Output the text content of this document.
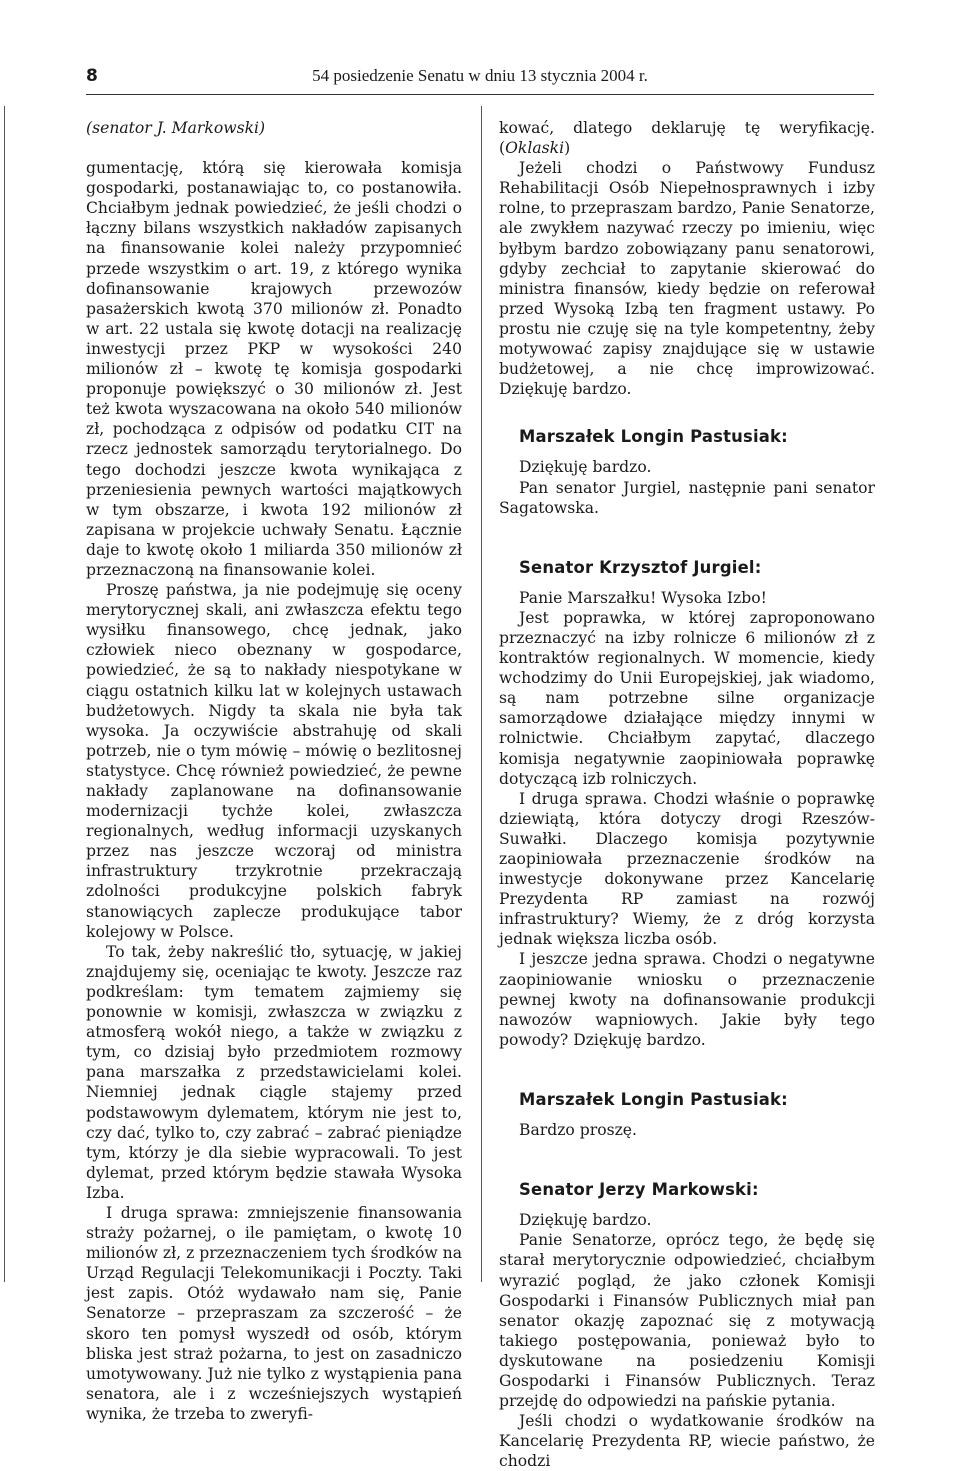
8	54 posiedzenie Senatu w dniu 13 stycznia 2004 r.

(senator J. Markowski)

gumentację, którą się kierowała komisja gospodarki, postanawiając to, co postanowiła. Chciałbym jednak powiedzieć, że jeśli chodzi o łączny bilans wszystkich nakładów zapisanych na finansowanie kolei należy przypomnieć przede wszystkim o art. 19, z którego wynika dofinansowanie krajowych przewozów pasażerskich kwotą 370 milionów zł. Ponadto w art. 22 ustala się kwotę dotacji na realizację inwestycji przez PKP w wysokości 240 milionów zł – kwotę tę komisja gospodarki proponuje powiększyć o 30 milionów zł. Jest też kwota wyszacowana na około 540 milionów zł, pochodząca z odpisów od podatku CIT na rzecz jednostek samorządu terytorialnego. Do tego dochodzi jeszcze kwota wynikająca z przeniesienia pewnych wartości majątkowych w tym obszarze, i kwota 192 milionów zł zapisana w projekcie uchwały Senatu. Łącznie daje to kwotę około 1 miliarda 350 milionów zł przeznaczoną na finansowanie kolei.

Proszę państwa, ja nie podejmuję się oceny merytorycznej skali, ani zwłaszcza efektu tego wysiłku finansowego, chcę jednak, jako człowiek nieco obeznany w gospodarce, powiedzieć, że są to nakłady niespotykane w ciągu ostatnich kilku lat w kolejnych ustawach budżetowych. Nigdy ta skala nie była tak wysoka. Ja oczywiście abstrahuję od skali potrzeb, nie o tym mówię – mówię o bezlitosnej statystyce. Chcę również powiedzieć, że pewne nakłady zaplanowane na dofinansowanie modernizacji tychże kolei, zwłaszcza regionalnych, według informacji uzyskanych przez nas jeszcze wczoraj od ministra infrastruktury trzykrotnie przekraczają zdolności produkcyjne polskich fabryk stanowiących zaplecze produkujące tabor kolejowy w Polsce.

To tak, żeby nakreślić tło, sytuację, w jakiej znajdujemy się, oceniając te kwoty. Jeszcze raz podkreślam: tym tematem zajmiemy się ponownie w komisji, zwłaszcza w związku z atmosferą wokół niego, a także w związku z tym, co dzisiaj było przedmiotem rozmowy pana marszałka z przedstawicielami kolei. Niemniej jednak ciągle stajemy przed podstawowym dylematem, którym nie jest to, czy dać, tylko to, czy zabrać – zabrać pieniądze tym, którzy je dla siebie wypracowali. To jest dylemat, przed którym będzie stawała Wysoka Izba.

I druga sprawa: zmniejszenie finansowania straży pożarnej, o ile pamiętam, o kwotę 10 milionów zł, z przeznaczeniem tych środków na Urząd Regulacji Telekomunikacji i Poczty. Taki jest zapis. Otóż wydawało nam się, Panie Senatorze – przepraszam za szczerość – że skoro ten pomysł wyszedł od osób, którym bliska jest straż pożarna, to jest on zasadniczo umotywowany. Już nie tylko z wystąpienia pana senatora, ale i z wcześniejszych wystąpień wynika, że trzeba to zweryfi-

kować, dlatego deklaruję tę weryfikację. (Oklaski)

Jeżeli chodzi o Państwowy Fundusz Rehabilitacji Osób Niepełnosprawnych i izby rolne, to przepraszam bardzo, Panie Senatorze, ale zwykłem nazywać rzeczy po imieniu, więc byłbym bardzo zobowiązany panu senatorowi, gdyby zechciał to zapytanie skierować do ministra finansów, kiedy będzie on referował przed Wysoką Izbą ten fragment ustawy. Po prostu nie czuję się na tyle kompetentny, żeby motywować zapisy znajdujące się w ustawie budżetowej, a nie chcę improwizować. Dziękuję bardzo.

Marszałek Longin Pastusiak:

Dziękuję bardzo.

Pan senator Jurgiel, następnie pani senator Sagatowska.

Senator Krzysztof Jurgiel:

Panie Marszałku! Wysoka Izbo!

Jest poprawka, w której zaproponowano przeznaczyć na izby rolnicze 6 milionów zł z kontraktów regionalnych. W momencie, kiedy wchodzimy do Unii Europejskiej, jak wiadomo, są nam potrzebne silne organizacje samorządowe działające między innymi w rolnictwie. Chciałbym zapytać, dlaczego komisja negatywnie zaopiniowała poprawkę dotyczącą izb rolniczych.

I druga sprawa. Chodzi właśnie o poprawkę dziewiątą, która dotyczy drogi Rzeszów-Suwałki. Dlaczego komisja pozytywnie zaopiniowała przeznaczenie środków na inwestycje dokonywane przez Kancelarię Prezydenta RP zamiast na rozwój infrastruktury? Wiemy, że z dróg korzysta jednak większa liczba osób.

I jeszcze jedna sprawa. Chodzi o negatywne zaopiniowanie wniosku o przeznaczenie pewnej kwoty na dofinansowanie produkcji nawozów wapniowych. Jakie były tego powody? Dziękuję bardzo.

Marszałek Longin Pastusiak:

Bardzo proszę.

Senator Jerzy Markowski:

Dziękuję bardzo.

Panie Senatorze, oprócz tego, że będę się starał merytorycznie odpowiedzieć, chciałbym wyrazić pogląd, że jako członek Komisji Gospodarki i Finansów Publicznych miał pan senator okazję zapoznać się z motywacją takiego postępowania, ponieważ było to dyskutowane na posiedzeniu Komisji Gospodarki i Finansów Publicznych. Teraz przejdę do odpowiedzi na pańskie pytania.

Jeśli chodzi o wydatkowanie środków na Kancelarię Prezydenta RP, wiecie państwo, że chodzi
